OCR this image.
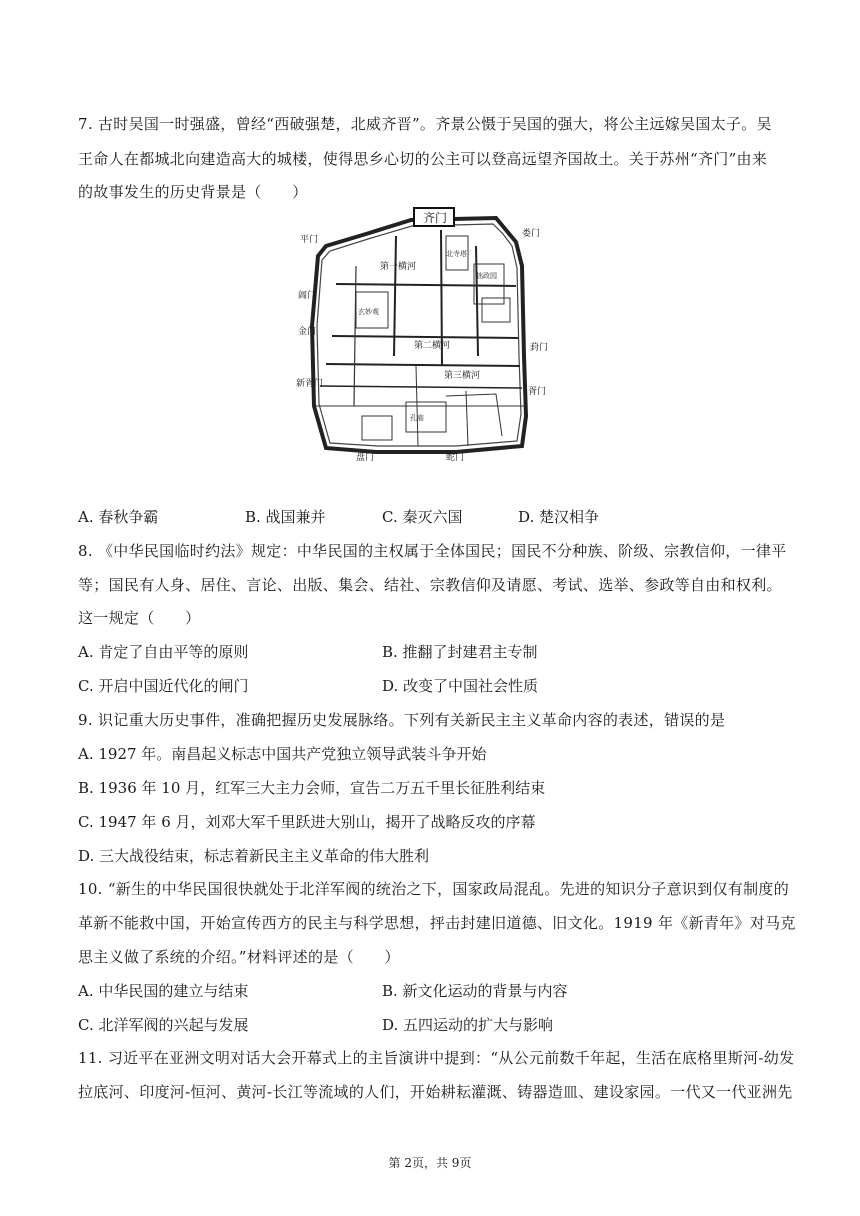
7. 古时吴国一时强盛，曾经“西破强楚，北威齐晋”。齐景公慑于吴国的强大，将公主远嫁吴国太子。吴
王命人在都城北向建造高大的城楼，使得思乡心切的公主可以登高远望齐国故土。关于苏州“齐门”由来
的故事发生的历史背景是（　　）
齐门
第一横河
第二横河
第三横河
平门
娄门
阊门
金门
新胥门
葑门
盘门
胥门
蛇门
北寺塔
玄妙观
拙政园
孔庙
A. 春秋争霸	B. 战国兼并	C. 秦灭六国	D. 楚汉相争
8. 《中华民国临时约法》规定：中华民国的主权属于全体国民；国民不分种族、阶级、宗教信仰，一律平
等；国民有人身、居住、言论、出版、集会、结社、宗教信仰及请愿、考试、选举、参政等自由和权利。
这一规定（　　）
A. 肯定了自由平等的原则	B. 推翻了封建君主专制
C. 开启中国近代化的闸门	D. 改变了中国社会性质
9. 识记重大历史事件，准确把握历史发展脉络。下列有关新民主主义革命内容的表述，错误的是
A. 1927 年。南昌起义标志中国共产党独立领导武装斗争开始
B. 1936 年 10 月，红军三大主力会师，宣告二万五千里长征胜利结束
C. 1947 年 6 月，刘邓大军千里跃进大别山，揭开了战略反攻的序幕
D. 三大战役结束，标志着新民主主义革命的伟大胜利
10. “新生的中华民国很快就处于北洋军阀的统治之下，国家政局混乱。先进的知识分子意识到仅有制度的
革新不能救中国，开始宣传西方的民主与科学思想，抨击封建旧道德、旧文化。1919 年《新青年》对马克
思主义做了系统的介绍。”材料评述的是（　　）
A. 中华民国的建立与结束	B. 新文化运动的背景与内容
C. 北洋军阀的兴起与发展	D. 五四运动的扩大与影响
11. 习近平在亚洲文明对话大会开幕式上的主旨演讲中提到：“从公元前数千年起，生活在底格里斯河-幼发
拉底河、印度河-恒河、黄河-长江等流域的人们，开始耕耘灌溉、铸器造皿、建设家园。一代又一代亚洲先
第 2页，共 9页
